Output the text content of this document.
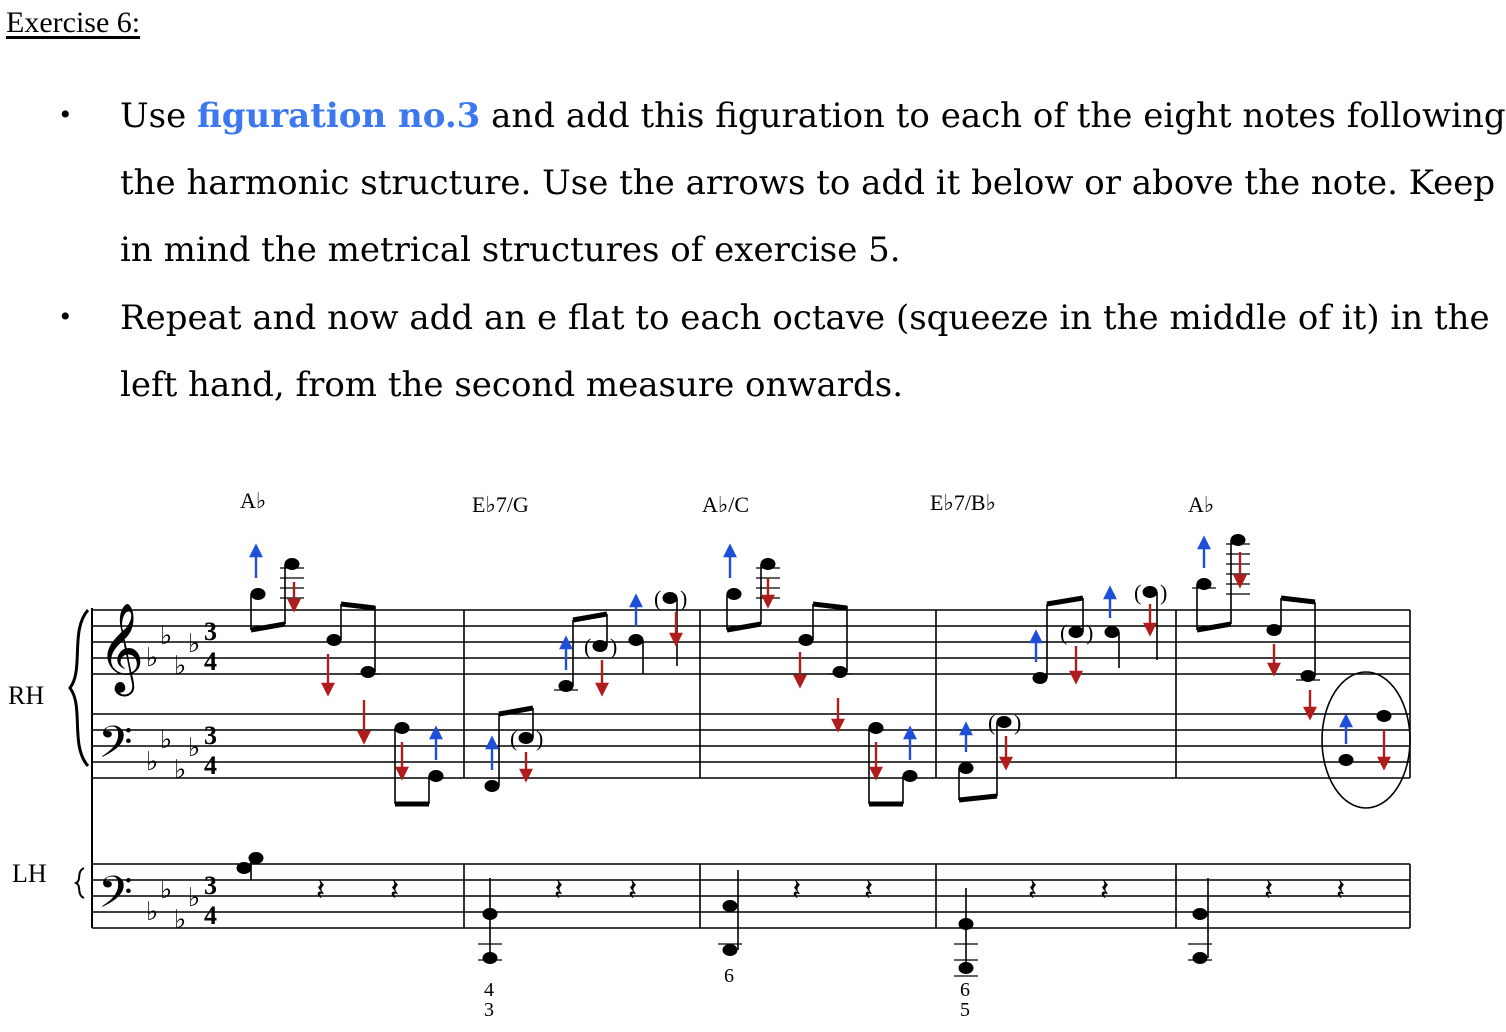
Exercise 6:
• Use figuration no.3 and add this figuration to each of the eight notes following
the harmonic structure. Use the arrows to add it below or above the note. Keep
in mind the metrical structures of exercise 5.
• Repeat and now add an e flat to each octave (squeeze in the middle of it) in the
left hand, from the second measure onwards.
♭
RH
LH
𝄞
𝄢
𝄢
♭
♭
♭
♭
♭
♭
♭
♭
♭
♭
♭
♭
3
4
3
4
3
4
A♭	E♭7/G	A♭/C	E♭7/B♭	A♭
( )
( )
( )
( )
( )
( )
𝄽 𝄽	𝄽 𝄽	𝄽 𝄽	𝄽 𝄽	𝄽 𝄽
4
3
6
6
5
